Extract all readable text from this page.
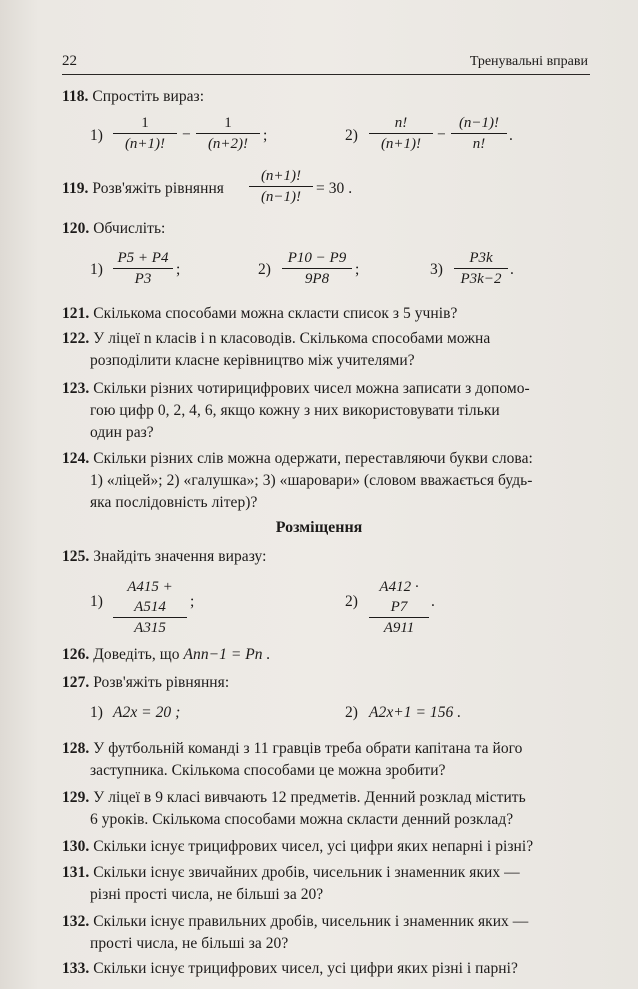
22	Тренувальні вправи
118. Спростіть вираз:
$1) \frac{1}{(n+1)!} - \frac{1}{(n+2)!}$ ;	$2) \frac{n!}{(n+1)!} - \frac{(n-1)!}{n!}$ .
119. Розв'яжіть рівняння $\frac{(n+1)!}{(n-1)!} = 30$ .
120. Обчисліть:
$1) \frac{P5 + P4}{P3}$ ;	$2) \frac{P10 - P9}{9P8}$ ;	$3) \frac{P3k}{P3k-2}$ .
121. Скількома способами можна скласти список з 5 учнів?
122. У ліцеї n класів і n класоводів. Скількома способами можна
розподілити класне керівництво між учителями?
123. Скільки різних чотирицифрових чисел можна записати з допомо-
гою цифр 0, 2, 4, 6, якщо кожну з них використовувати тільки
один раз?
124. Скільки різних слів можна одержати, переставляючи букви слова:
1) «ліцей»; 2) «галушка»; 3) «шаровари» (словом вважається будь-
яка послідовність літер)?
Розміщення
125. Знайдіть значення виразу:
$1) \frac{A415 + A514}{A315}$ ;	$2) \frac{A412 \cdot P7}{A911}$ .
126. Доведіть, що Ann−1 = Pn .
127. Розв'яжіть рівняння:
1) A2x = 20 ;	2) A2x+1 = 156 .
128. У футбольній команді з 11 гравців треба обрати капітана та його
заступника. Скількома способами це можна зробити?
129. У ліцеї в 9 класі вивчають 12 предметів. Денний розклад містить
6 уроків. Скількома способами можна скласти денний розклад?
130. Скільки існує трицифрових чисел, усі цифри яких непарні і різні?
131. Скільки існує звичайних дробів, чисельник і знаменник яких —
різні прості числа, не більші за 20?
132. Скільки існує правильних дробів, чисельник і знаменник яких —
прості числа, не більші за 20?
133. Скільки існує трицифрових чисел, усі цифри яких різні і парні?
